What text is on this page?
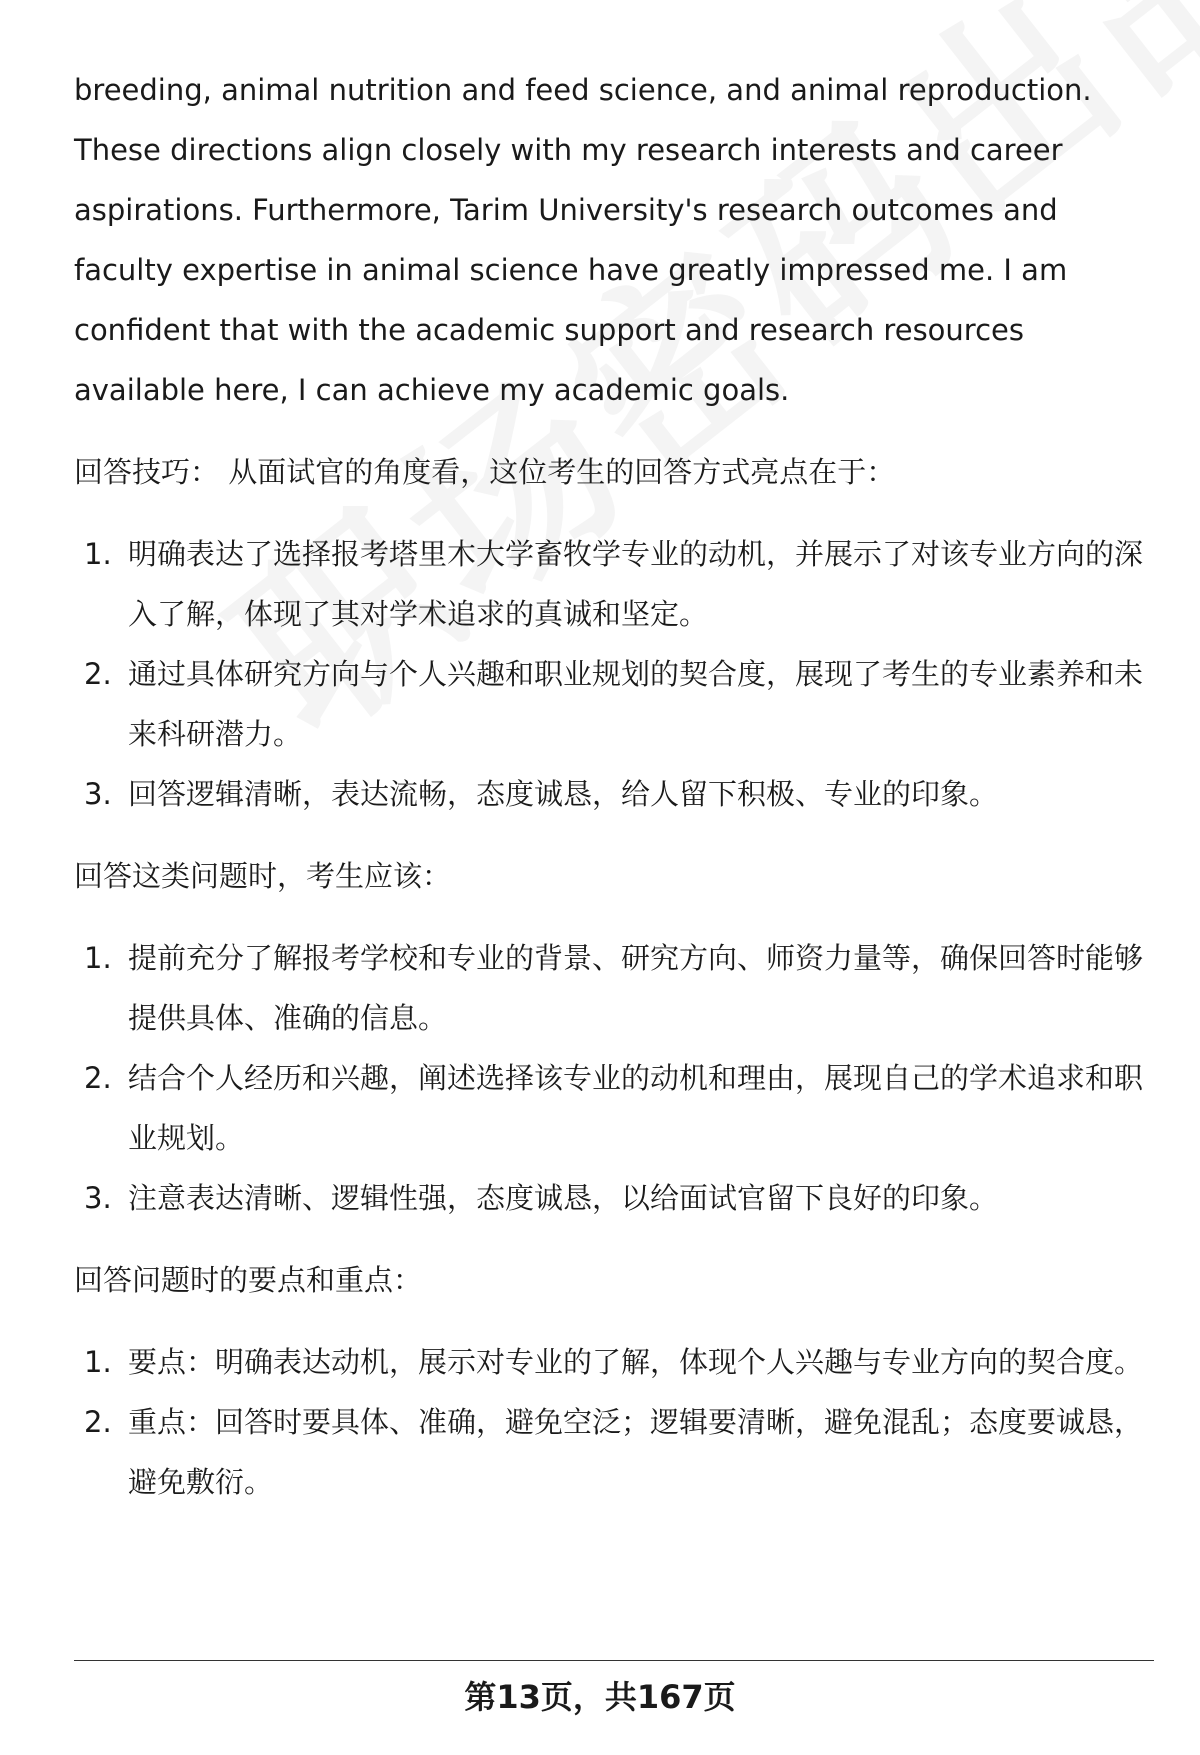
breeding, animal nutrition and feed science, and animal reproduction. These directions align closely with my research interests and career aspirations. Furthermore, Tarim University's research outcomes and faculty expertise in animal science have greatly impressed me. I am confident that with the academic support and research resources available here, I can achieve my academic goals.

回答技巧： 从面试官的角度看，这位考生的回答方式亮点在于：

1. 明确表达了选择报考塔里木大学畜牧学专业的动机，并展示了对该专业方向的深入了解，体现了其对学术追求的真诚和坚定。
2. 通过具体研究方向与个人兴趣和职业规划的契合度，展现了考生的专业素养和未来科研潜力。
3. 回答逻辑清晰，表达流畅，态度诚恳，给人留下积极、专业的印象。

回答这类问题时，考生应该：

1. 提前充分了解报考学校和专业的背景、研究方向、师资力量等，确保回答时能够提供具体、准确的信息。
2. 结合个人经历和兴趣，阐述选择该专业的动机和理由，展现自己的学术追求和职业规划。
3. 注意表达清晰、逻辑性强，态度诚恳，以给面试官留下良好的印象。

回答问题时的要点和重点：

1. 要点：明确表达动机，展示对专业的了解，体现个人兴趣与专业方向的契合度。
2. 重点：回答时要具体、准确，避免空泛；逻辑要清晰，避免混乱；态度要诚恳，避免敷衍。
第13页，共167页
